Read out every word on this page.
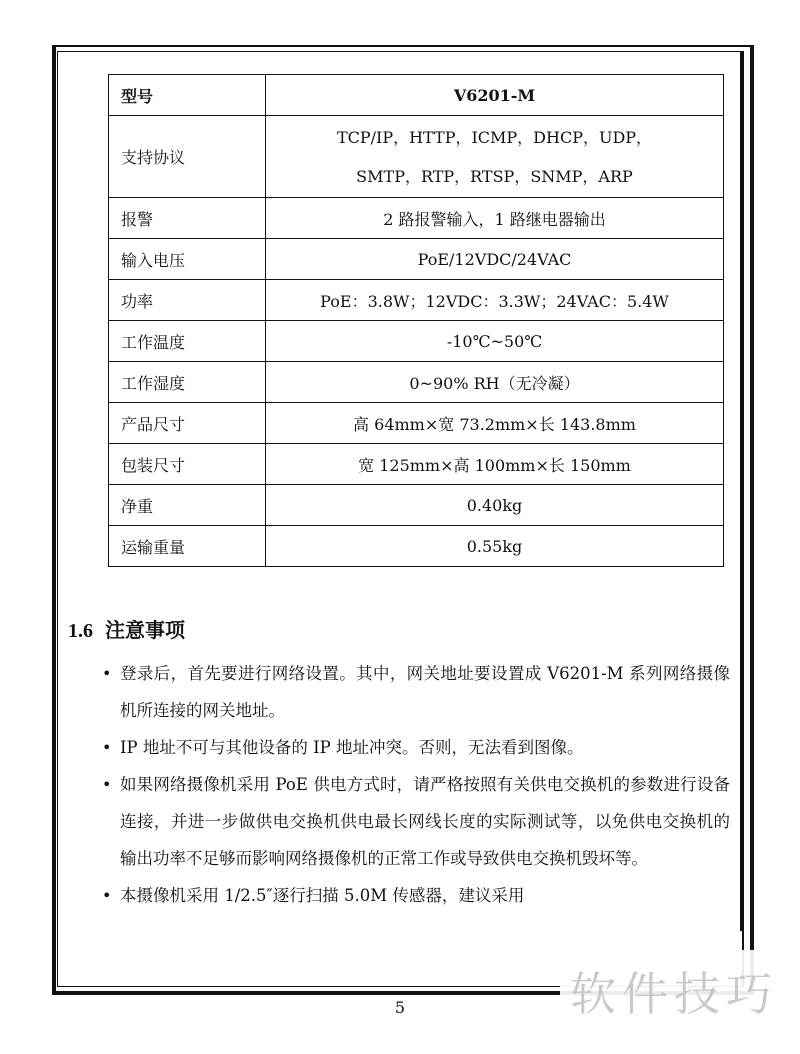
型号	V6201-M
支持协议	TCP/IP，HTTP，ICMP，DHCP，UDP，
SMTP，RTP，RTSP，SNMP，ARP

报警	2 路报警输入，1 路继电器输出
输入电压	PoE/12VDC/24VAC
功率	PoE：3.8W；12VDC：3.3W；24VAC：5.4W
工作温度	-10℃~50℃
工作湿度	0~90% RH（无冷凝）
产品尺寸	高 64mm×宽 73.2mm×长 143.8mm
包装尺寸	宽 125mm×高 100mm×长 150mm
净重	0.40kg
运输重量	0.55kg
1.6 注意事项
• 登录后，首先要进行网络设置。其中，网关地址要设置成 V6201-M 系列网络摄像机所连接的网关地址。
• IP 地址不可与其他设备的 IP 地址冲突。否则，无法看到图像。
• 如果网络摄像机采用 PoE 供电方式时，请严格按照有关供电交换机的参数进行设备连接，并进一步做供电交换机供电最长网线长度的实际测试等，以免供电交换机的输出功率不足够而影响网络摄像机的正常工作或导致供电交换机毁坏等。
• 本摄像机采用 1/2.5″逐行扫描 5.0M 传感器，建议采用
5	软件技巧
